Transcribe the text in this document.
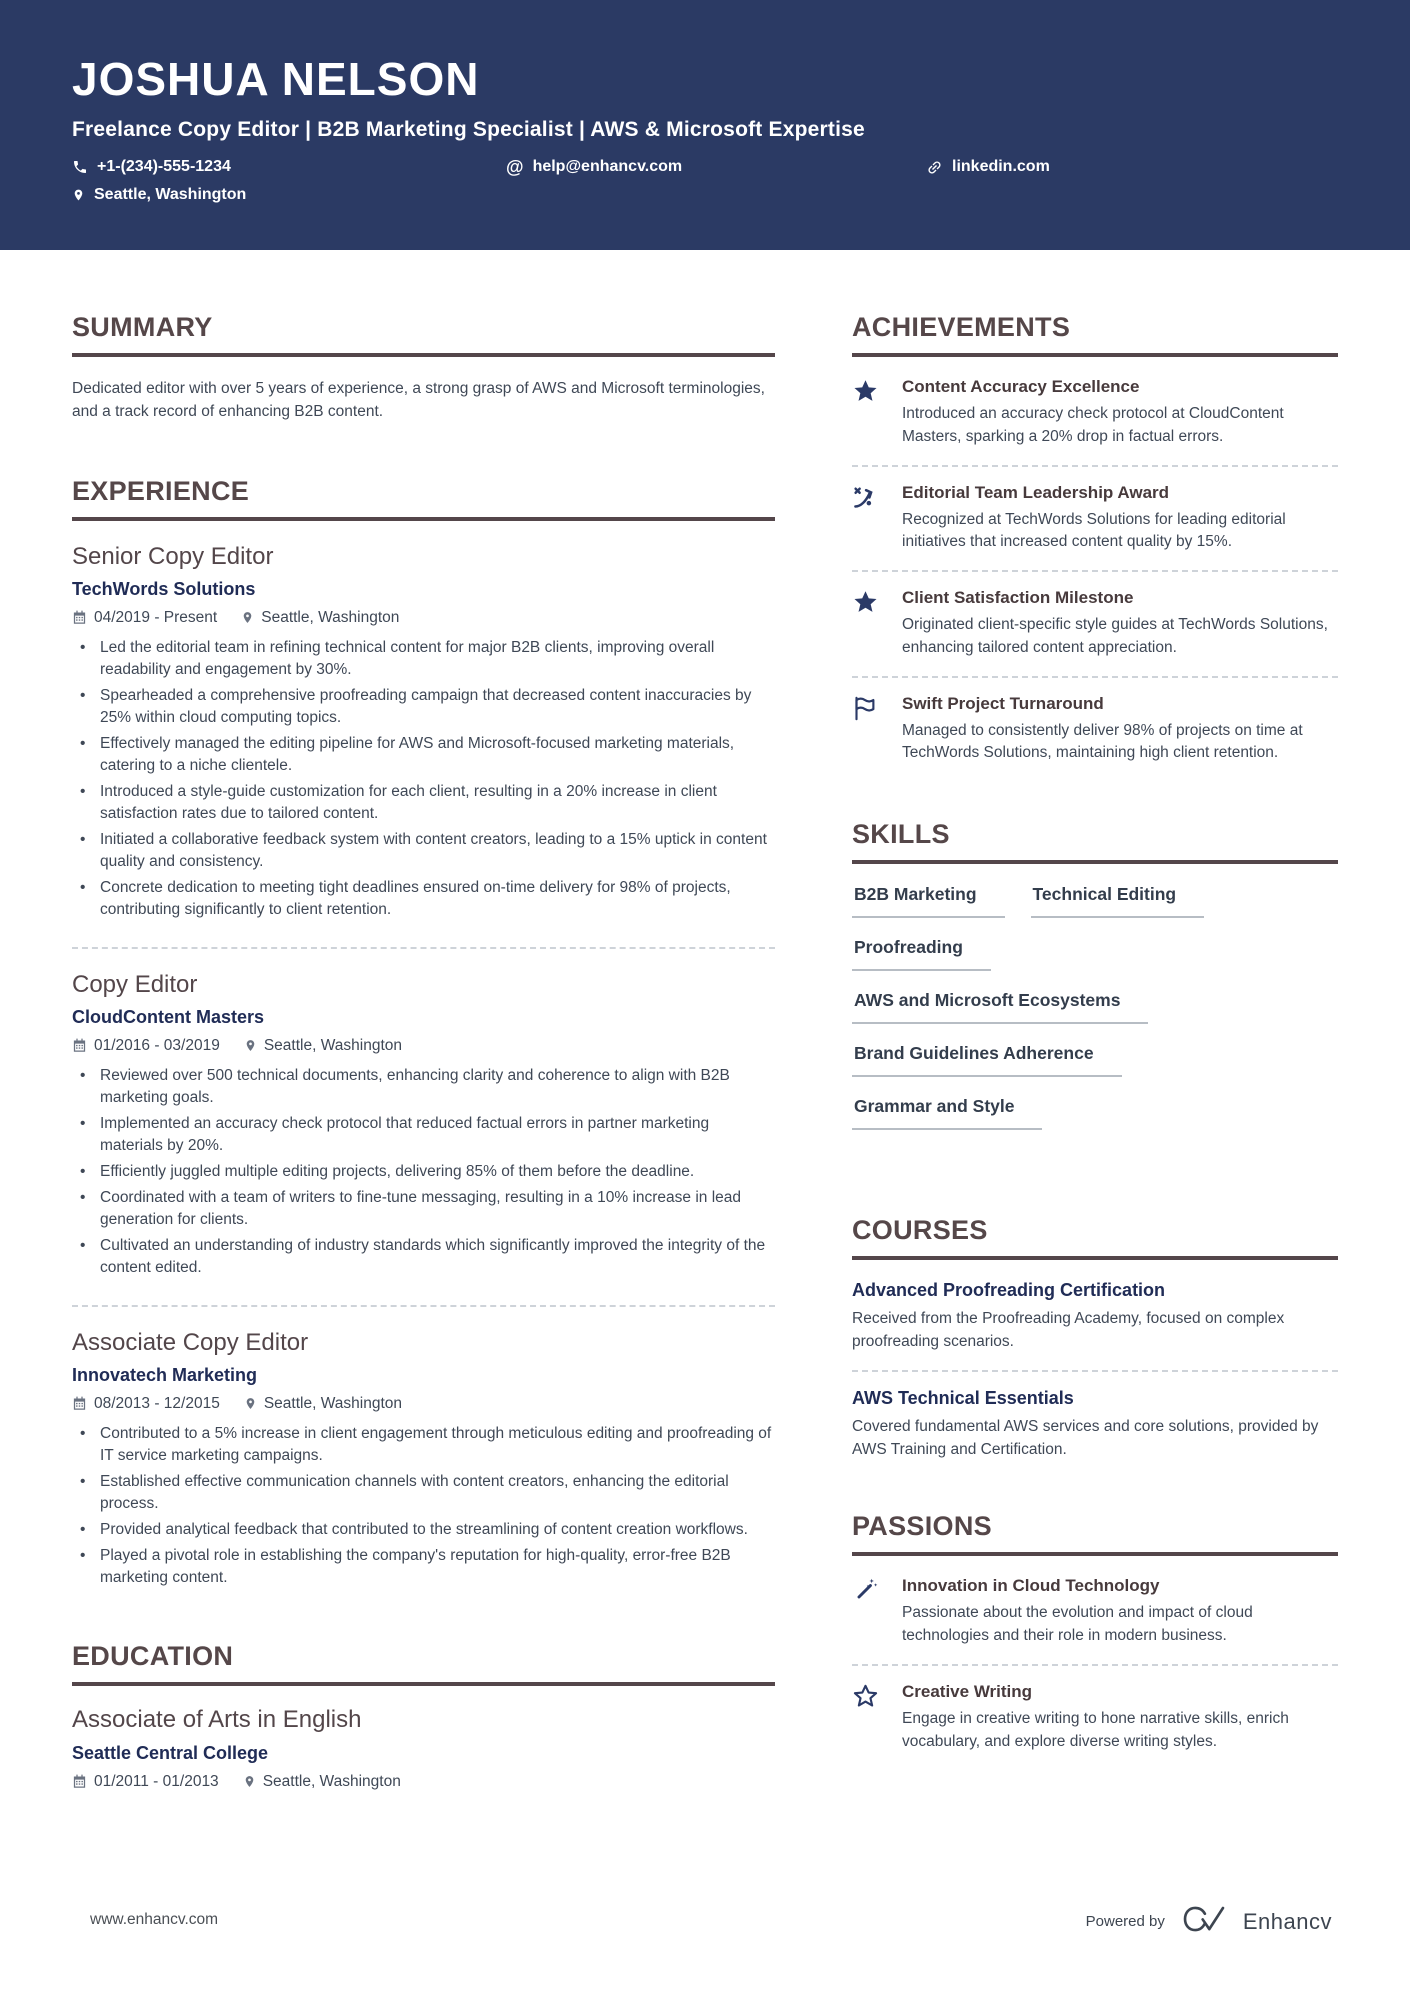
JOSHUA NELSON
Freelance Copy Editor | B2B Marketing Specialist | AWS & Microsoft Expertise
+1-(234)-555-1234	@ help@enhancv.com	linkedin.com
Seattle, Washington
SUMMARY

Dedicated editor with over 5 years of experience, a strong grasp of AWS and Microsoft terminologies, and a track record of enhancing B2B content.

EXPERIENCE
Senior Copy Editor
TechWords Solutions
04/2019 - Present	Seattle, Washington
• Led the editorial team in refining technical content for major B2B clients, improving overall readability and engagement by 30%.
• Spearheaded a comprehensive proofreading campaign that decreased content inaccuracies by 25% within cloud computing topics.
• Effectively managed the editing pipeline for AWS and Microsoft-focused marketing materials, catering to a niche clientele.
• Introduced a style-guide customization for each client, resulting in a 20% increase in client satisfaction rates due to tailored content.
• Initiated a collaborative feedback system with content creators, leading to a 15% uptick in content quality and consistency.
• Concrete dedication to meeting tight deadlines ensured on-time delivery for 98% of projects, contributing significantly to client retention.
Copy Editor
CloudContent Masters
01/2016 - 03/2019	Seattle, Washington
• Reviewed over 500 technical documents, enhancing clarity and coherence to align with B2B marketing goals.
• Implemented an accuracy check protocol that reduced factual errors in partner marketing materials by 20%.
• Efficiently juggled multiple editing projects, delivering 85% of them before the deadline.
• Coordinated with a team of writers to fine-tune messaging, resulting in a 10% increase in lead generation for clients.
• Cultivated an understanding of industry standards which significantly improved the integrity of the content edited.
Associate Copy Editor
Innovatech Marketing
08/2013 - 12/2015	Seattle, Washington
• Contributed to a 5% increase in client engagement through meticulous editing and proofreading of IT service marketing campaigns.
• Established effective communication channels with content creators, enhancing the editorial process.
• Provided analytical feedback that contributed to the streamlining of content creation workflows.
• Played a pivotal role in establishing the company's reputation for high-quality, error-free B2B marketing content.
EDUCATION
Associate of Arts in English
Seattle Central College
01/2011 - 01/2013	Seattle, Washington
ACHIEVEMENTS
Content Accuracy Excellence
Introduced an accuracy check protocol at CloudContent Masters, sparking a 20% drop in factual errors.
Editorial Team Leadership Award
Recognized at TechWords Solutions for leading editorial initiatives that increased content quality by 15%.
Client Satisfaction Milestone
Originated client-specific style guides at TechWords Solutions, enhancing tailored content appreciation.
Swift Project Turnaround
Managed to consistently deliver 98% of projects on time at TechWords Solutions, maintaining high client retention.
SKILLS
B2B Marketing	Technical Editing
Proofreading
AWS and Microsoft Ecosystems
Brand Guidelines Adherence
Grammar and Style
COURSES
Advanced Proofreading Certification
Received from the Proofreading Academy, focused on complex proofreading scenarios.
AWS Technical Essentials
Covered fundamental AWS services and core solutions, provided by AWS Training and Certification.
PASSIONS
Innovation in Cloud Technology
Passionate about the evolution and impact of cloud technologies and their role in modern business.
Creative Writing
Engage in creative writing to hone narrative skills, enrich vocabulary, and explore diverse writing styles.
www.enhancv.com	Powered by	Enhancv
